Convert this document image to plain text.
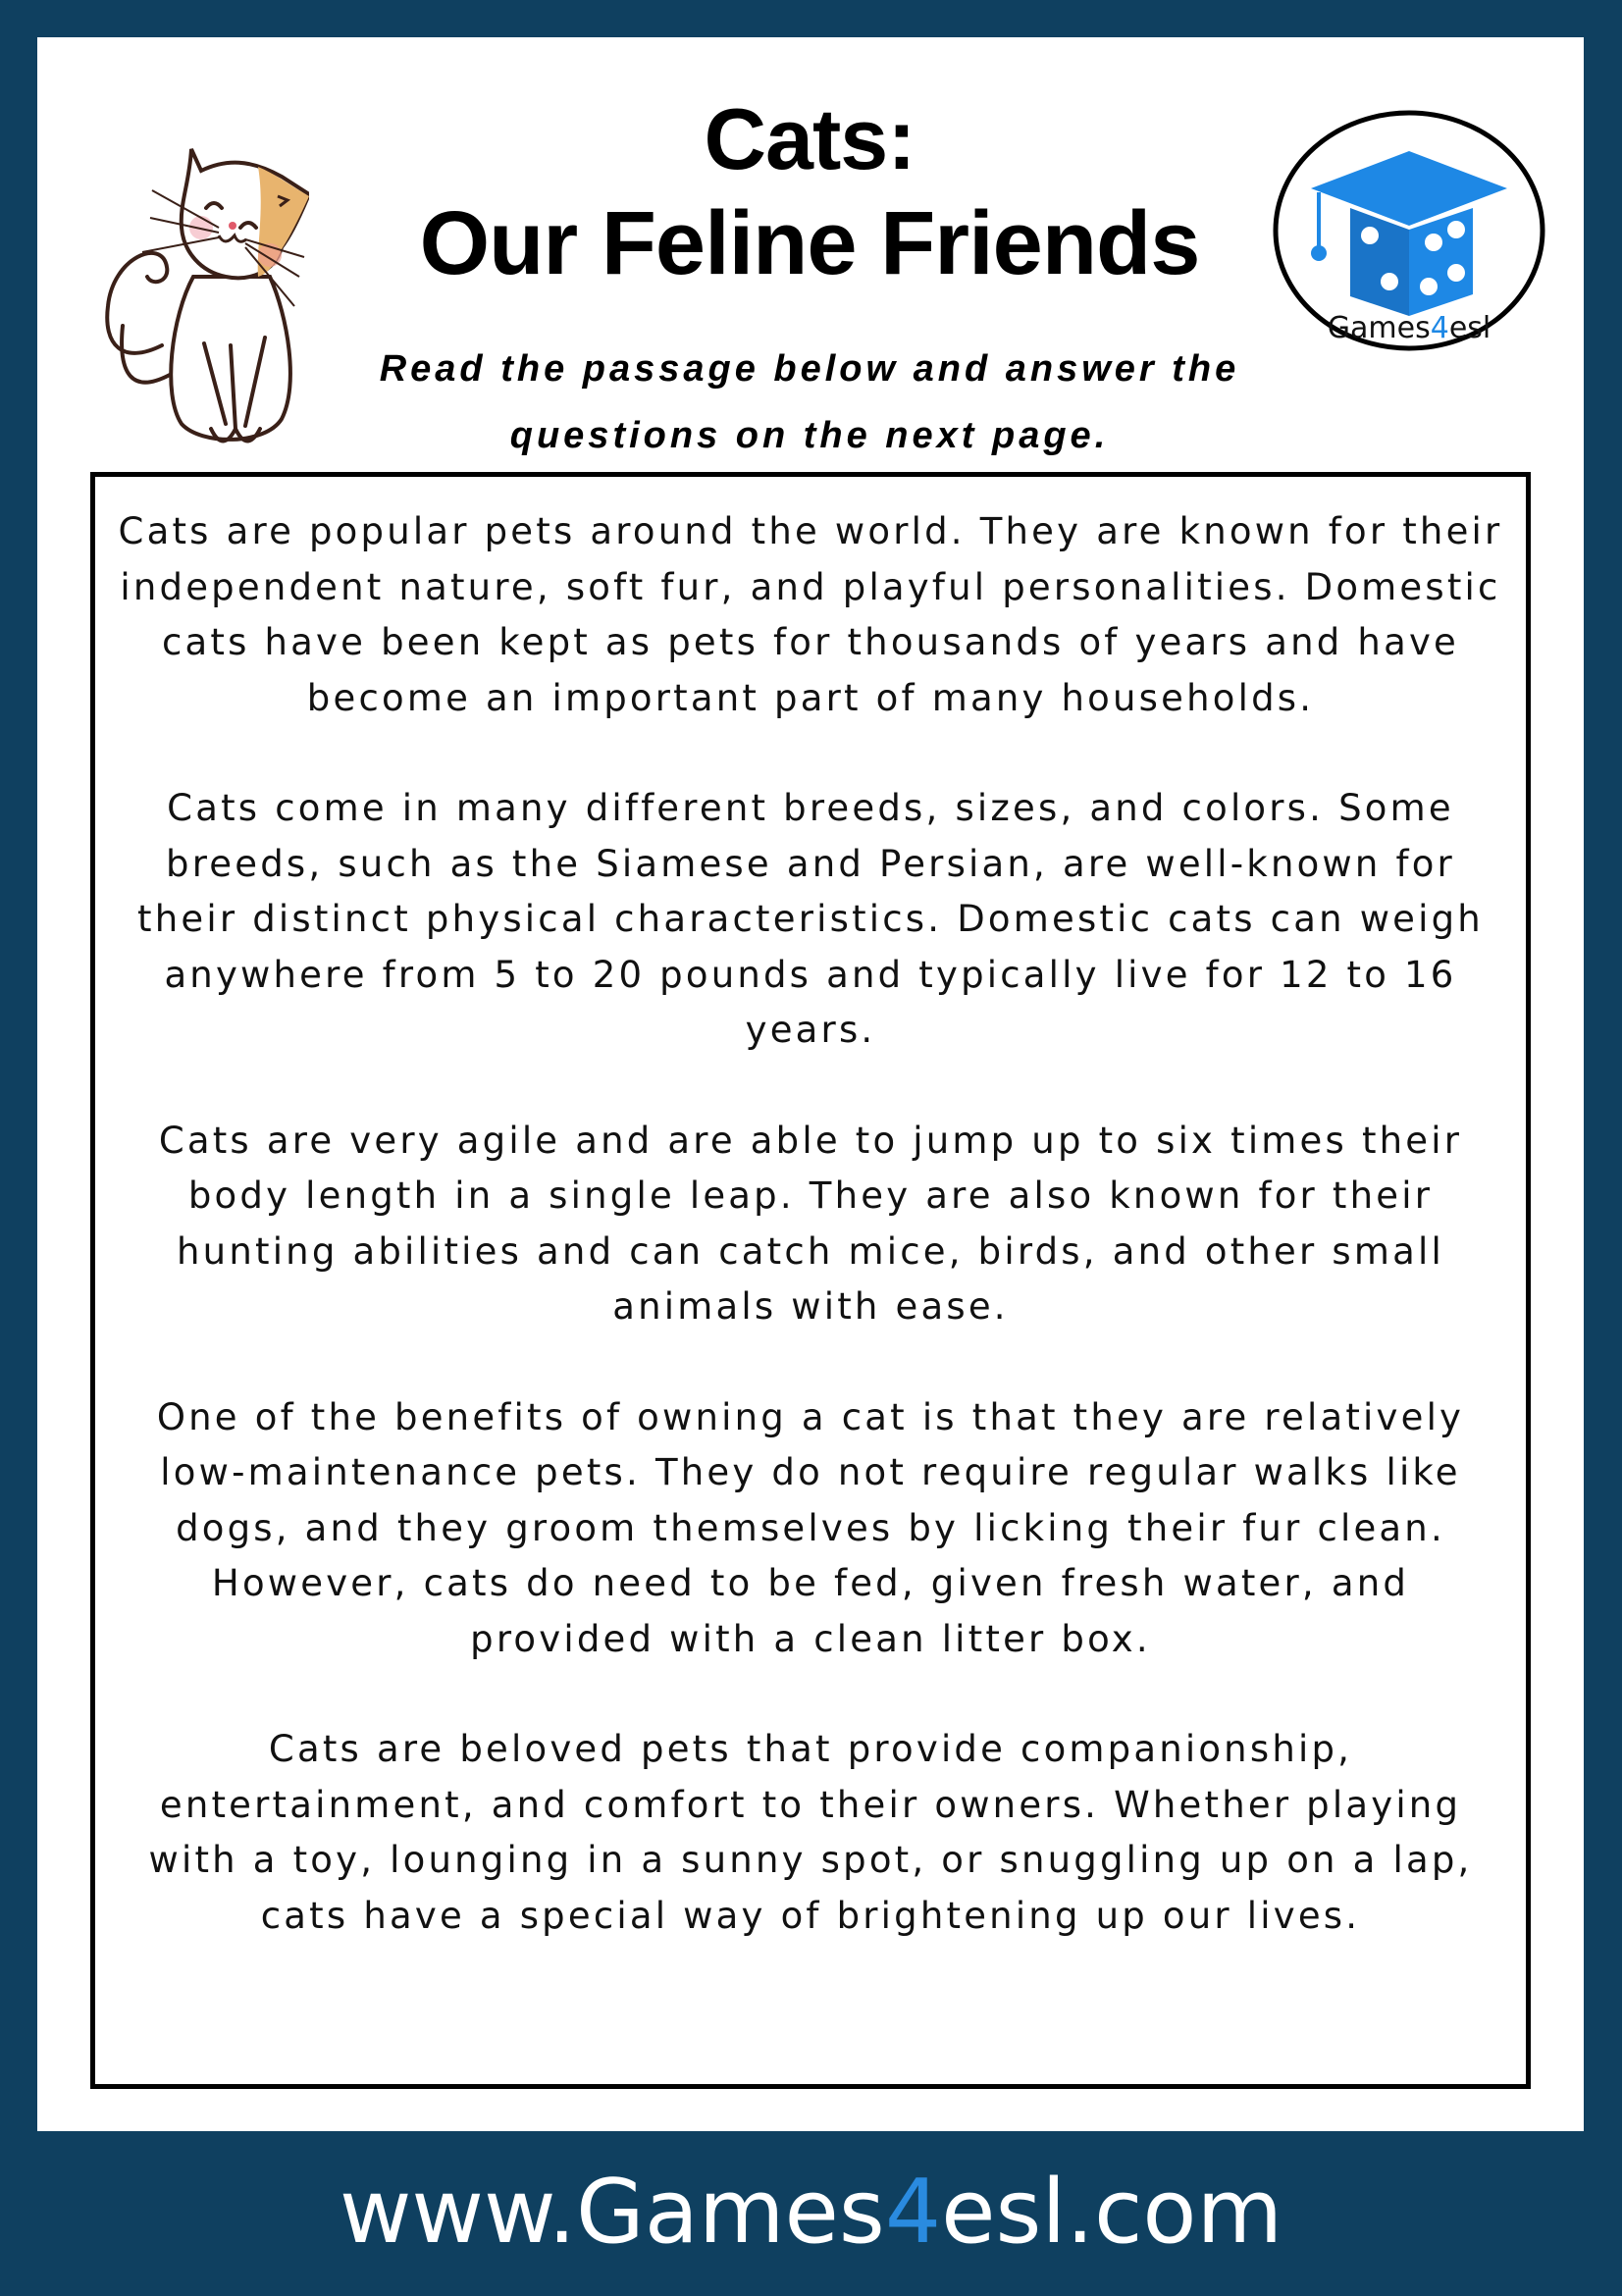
Cats:
Our Feline Friends
Games4esl
Read the passage below and answer the questions on the next page.

Cats are popular pets around the world. They are known for their independent nature, soft fur, and playful personalities. Domestic cats have been kept as pets for thousands of years and have become an important part of many households.

Cats come in many different breeds, sizes, and colors. Some breeds, such as the Siamese and Persian, are well-known for their distinct physical characteristics. Domestic cats can weigh anywhere from 5 to 20 pounds and typically live for 12 to 16 years.

Cats are very agile and are able to jump up to six times their body length in a single leap. They are also known for their hunting abilities and can catch mice, birds, and other small animals with ease.

One of the benefits of owning a cat is that they are relatively low-maintenance pets. They do not require regular walks like dogs, and they groom themselves by licking their fur clean. However, cats do need to be fed, given fresh water, and provided with a clean litter box.

Cats are beloved pets that provide companionship, entertainment, and comfort to their owners. Whether playing with a toy, lounging in a sunny spot, or snuggling up on a lap, cats have a special way of brightening up our lives.

www.Games4esl.com
